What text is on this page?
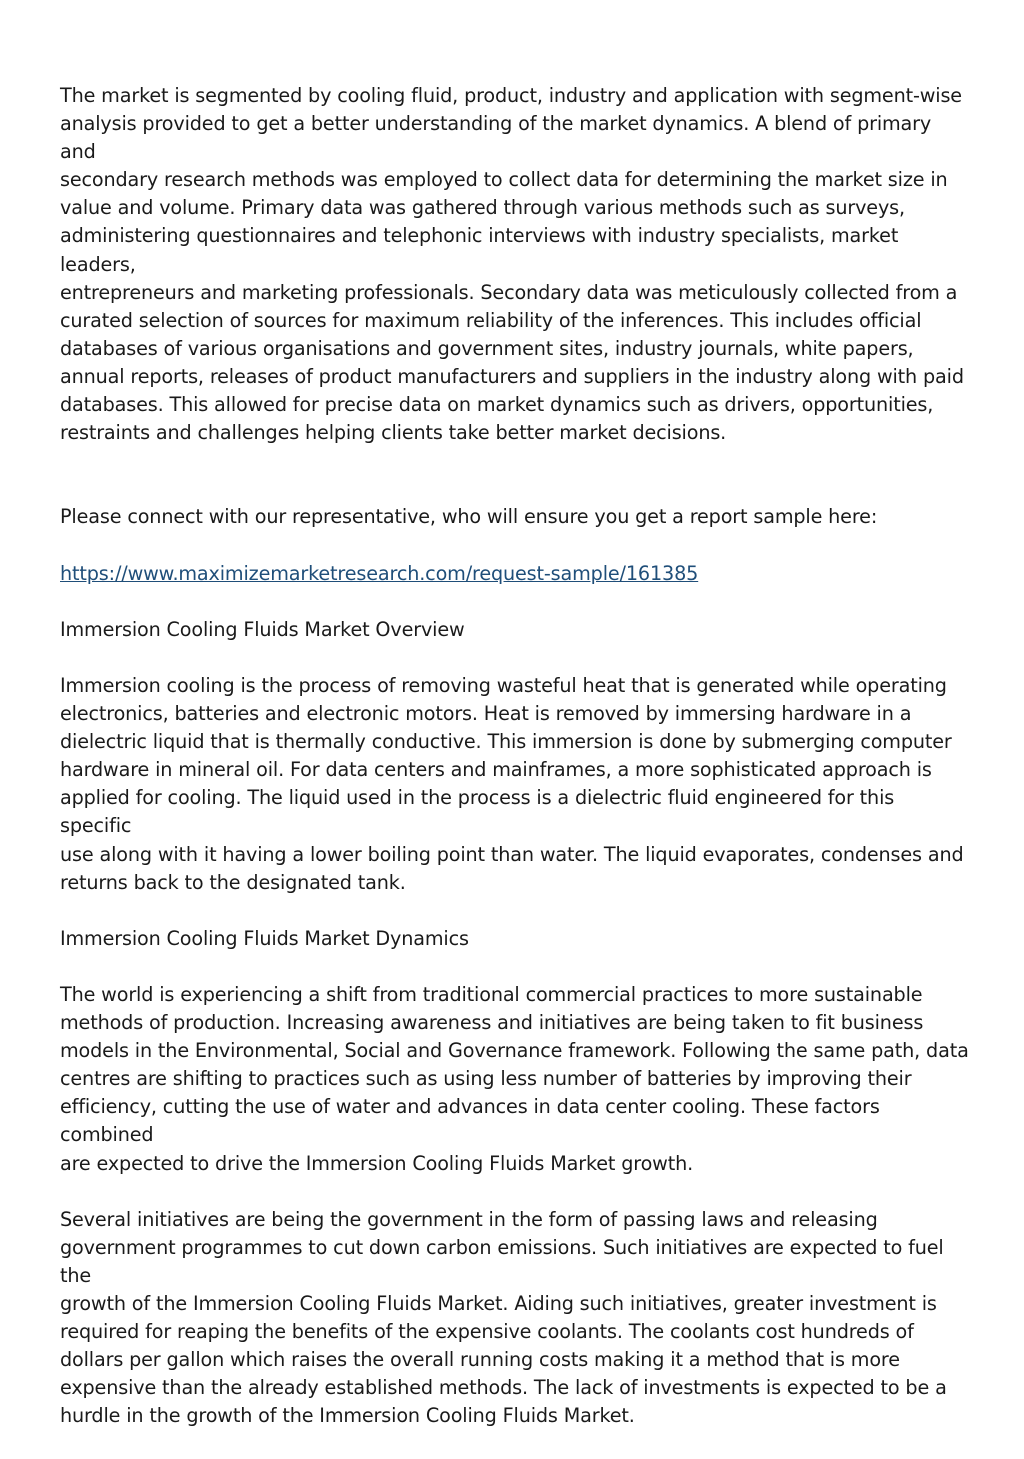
The market is segmented by cooling fluid, product, industry and application with segment-wise
analysis provided to get a better understanding of the market dynamics. A blend of primary and
secondary research methods was employed to collect data for determining the market size in
value and volume. Primary data was gathered through various methods such as surveys,
administering questionnaires and telephonic interviews with industry specialists, market leaders,
entrepreneurs and marketing professionals. Secondary data was meticulously collected from a
curated selection of sources for maximum reliability of the inferences. This includes official
databases of various organisations and government sites, industry journals, white papers,
annual reports, releases of product manufacturers and suppliers in the industry along with paid
databases. This allowed for precise data on market dynamics such as drivers, opportunities,
restraints and challenges helping clients take better market decisions.

Please connect with our representative, who will ensure you get a report sample here:

https://www.maximizemarketresearch.com/request-sample/161385

Immersion Cooling Fluids Market Overview

Immersion cooling is the process of removing wasteful heat that is generated while operating
electronics, batteries and electronic motors. Heat is removed by immersing hardware in a
dielectric liquid that is thermally conductive. This immersion is done by submerging computer
hardware in mineral oil. For data centers and mainframes, a more sophisticated approach is
applied for cooling. The liquid used in the process is a dielectric fluid engineered for this specific
use along with it having a lower boiling point than water. The liquid evaporates, condenses and
returns back to the designated tank.

Immersion Cooling Fluids Market Dynamics

The world is experiencing a shift from traditional commercial practices to more sustainable
methods of production. Increasing awareness and initiatives are being taken to fit business
models in the Environmental, Social and Governance framework. Following the same path, data
centres are shifting to practices such as using less number of batteries by improving their
efficiency, cutting the use of water and advances in data center cooling. These factors combined
are expected to drive the Immersion Cooling Fluids Market growth.

Several initiatives are being the government in the form of passing laws and releasing
government programmes to cut down carbon emissions. Such initiatives are expected to fuel the
growth of the Immersion Cooling Fluids Market. Aiding such initiatives, greater investment is
required for reaping the benefits of the expensive coolants. The coolants cost hundreds of
dollars per gallon which raises the overall running costs making it a method that is more
expensive than the already established methods. The lack of investments is expected to be a
hurdle in the growth of the Immersion Cooling Fluids Market.
